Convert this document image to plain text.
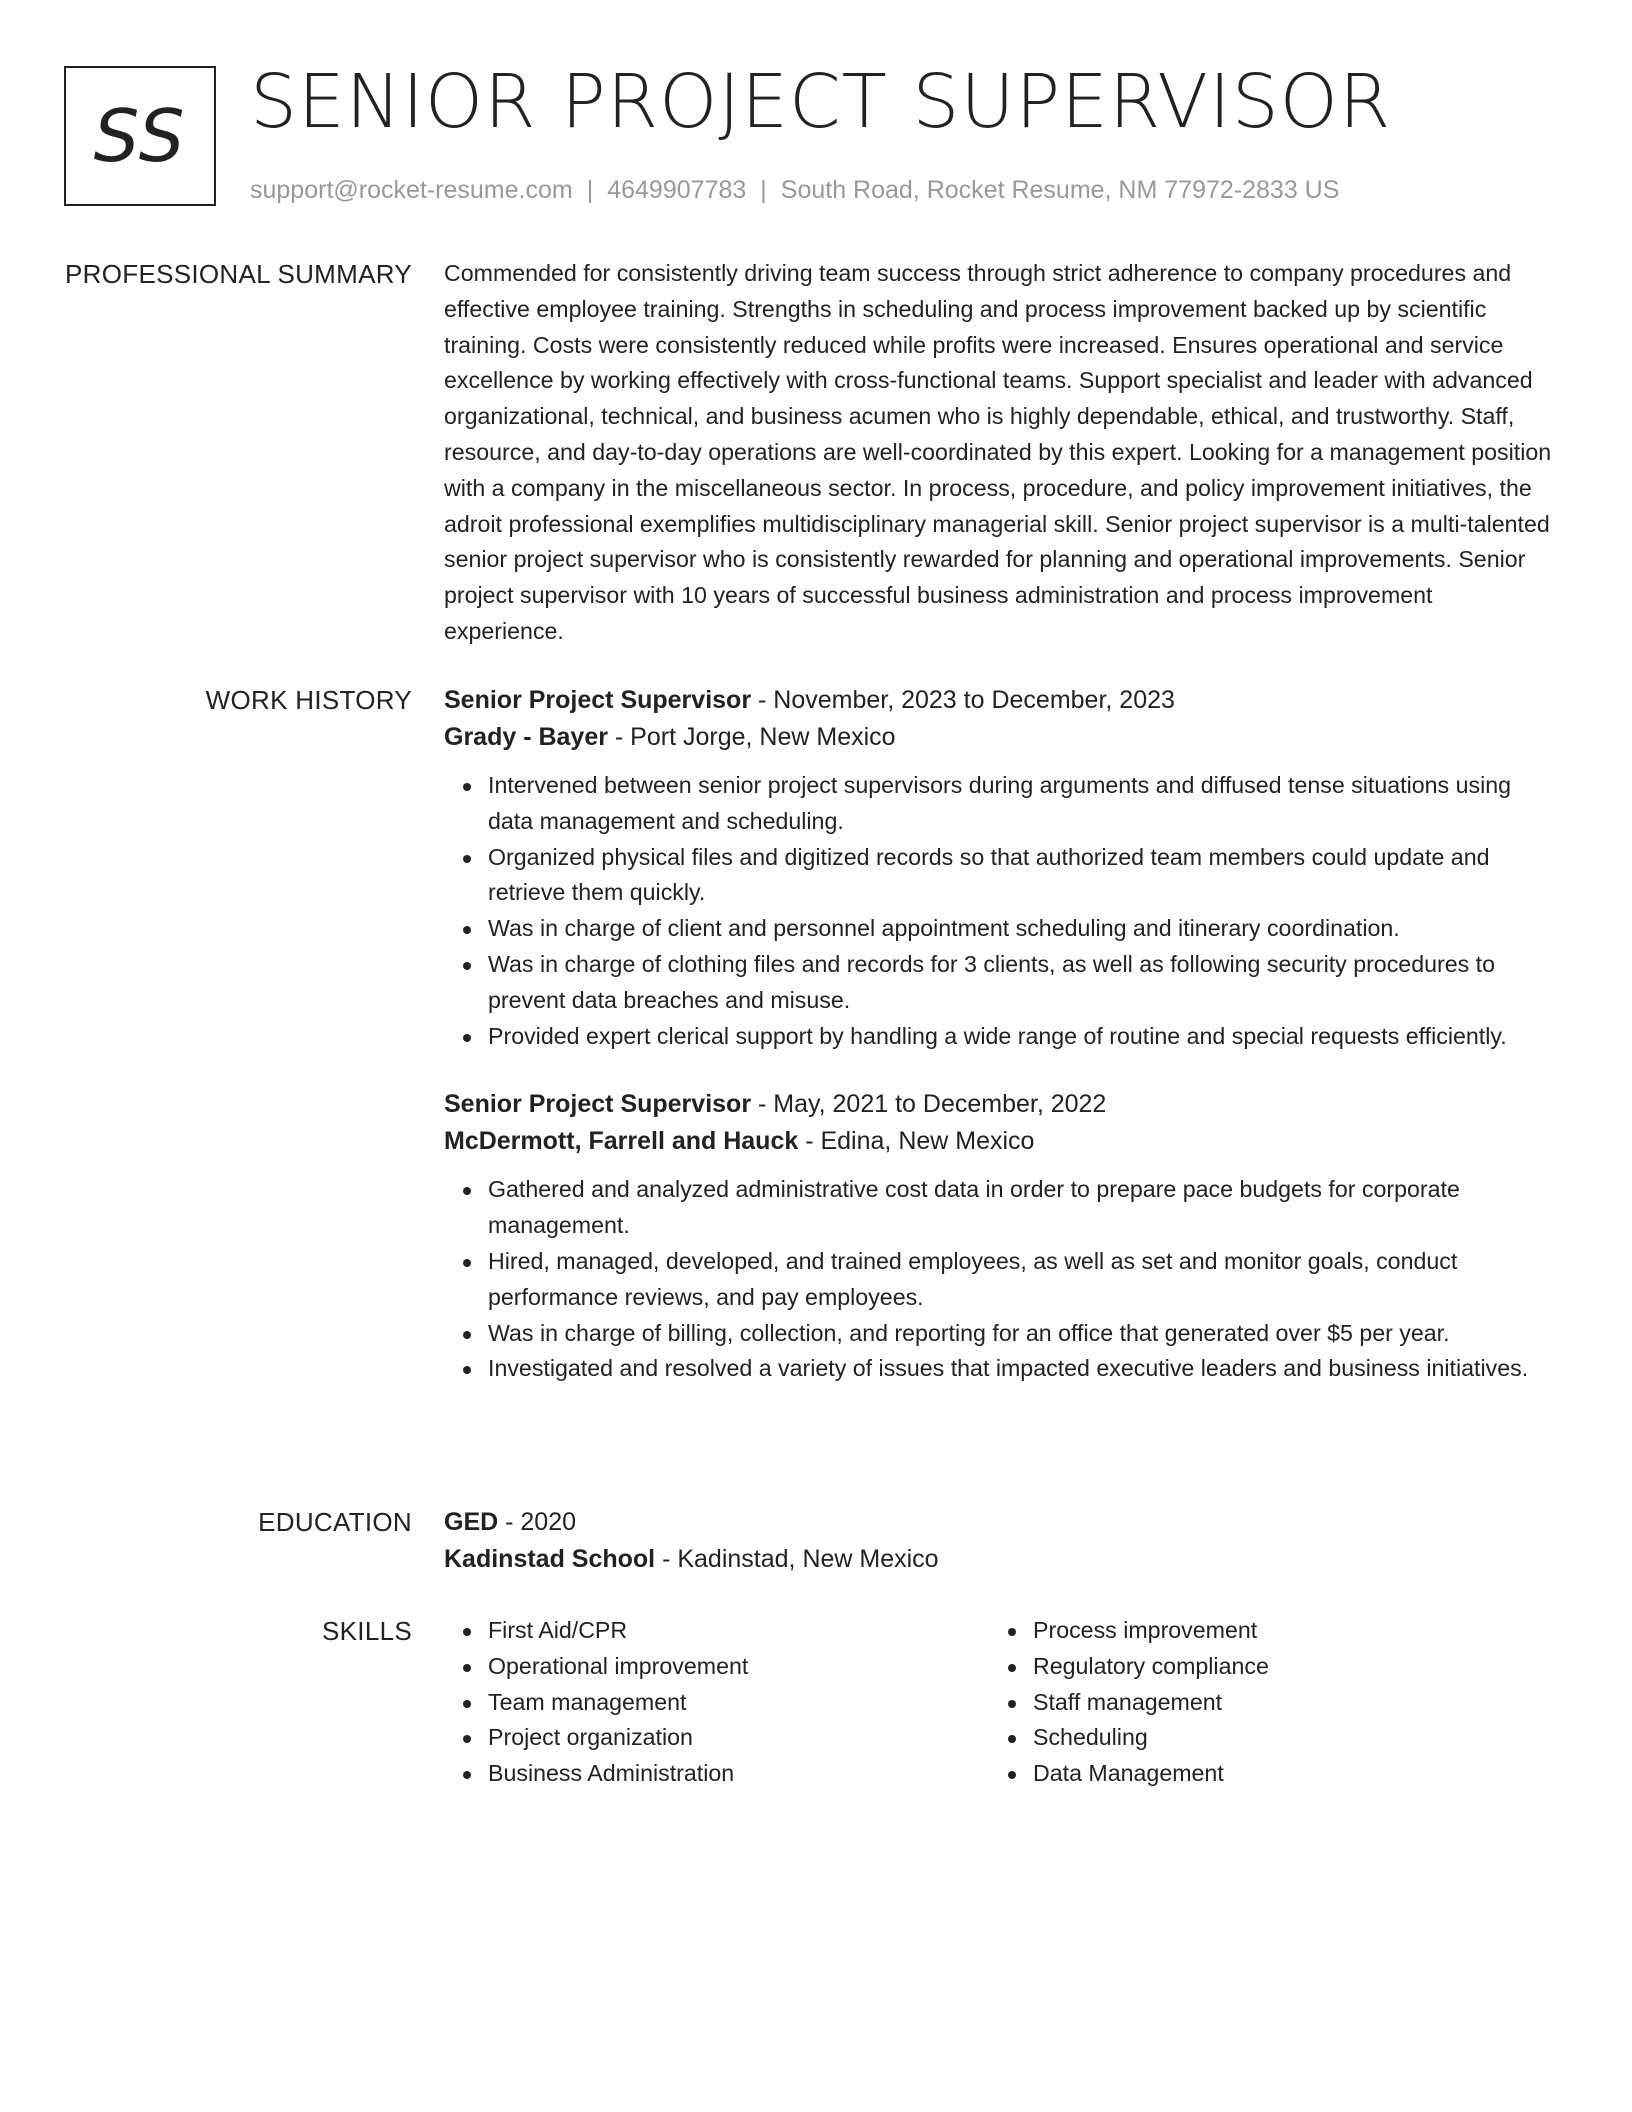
SS SENIOR PROJECT SUPERVISOR
support@rocket-resume.com | 4649907783 | South Road, Rocket Resume, NM 77972-2833 US
PROFESSIONAL SUMMARY Commended for consistently driving team success through strict adherence to company procedures and effective employee training. Strengths in scheduling and process improvement backed up by scientific training. Costs were consistently reduced while profits were increased. Ensures operational and service excellence by working effectively with cross-functional teams. Support specialist and leader with advanced organizational, technical, and business acumen who is highly dependable, ethical, and trustworthy. Staff, resource, and day-to-day operations are well-coordinated by this expert. Looking for a management position with a company in the miscellaneous sector. In process, procedure, and policy improvement initiatives, the adroit professional exemplifies multidisciplinary managerial skill. Senior project supervisor is a multi-talented senior project supervisor who is consistently rewarded for planning and operational improvements. Senior project supervisor with 10 years of successful business administration and process improvement experience.

WORK HISTORY Senior Project Supervisor - November, 2023 to December, 2023
Grady - Bayer - Port Jorge, New Mexico
Intervened between senior project supervisors during arguments and diffused tense situations using data management and scheduling.
Organized physical files and digitized records so that authorized team members could update and retrieve them quickly.
Was in charge of client and personnel appointment scheduling and itinerary coordination.
Was in charge of clothing files and records for 3 clients, as well as following security procedures to prevent data breaches and misuse.
Provided expert clerical support by handling a wide range of routine and special requests efficiently.
Senior Project Supervisor - May, 2021 to December, 2022
McDermott, Farrell and Hauck - Edina, New Mexico
Gathered and analyzed administrative cost data in order to prepare pace budgets for corporate management.
Hired, managed, developed, and trained employees, as well as set and monitor goals, conduct performance reviews, and pay employees.
Was in charge of billing, collection, and reporting for an office that generated over $5 per year.
Investigated and resolved a variety of issues that impacted executive leaders and business initiatives.
EDUCATION GED - 2020
Kadinstad School - Kadinstad, New Mexico
SKILLS	First Aid/CPR
Operational improvement
Team management
Project organization
Business Administration
Process improvement
Regulatory compliance
Staff management
Scheduling
Data Management
